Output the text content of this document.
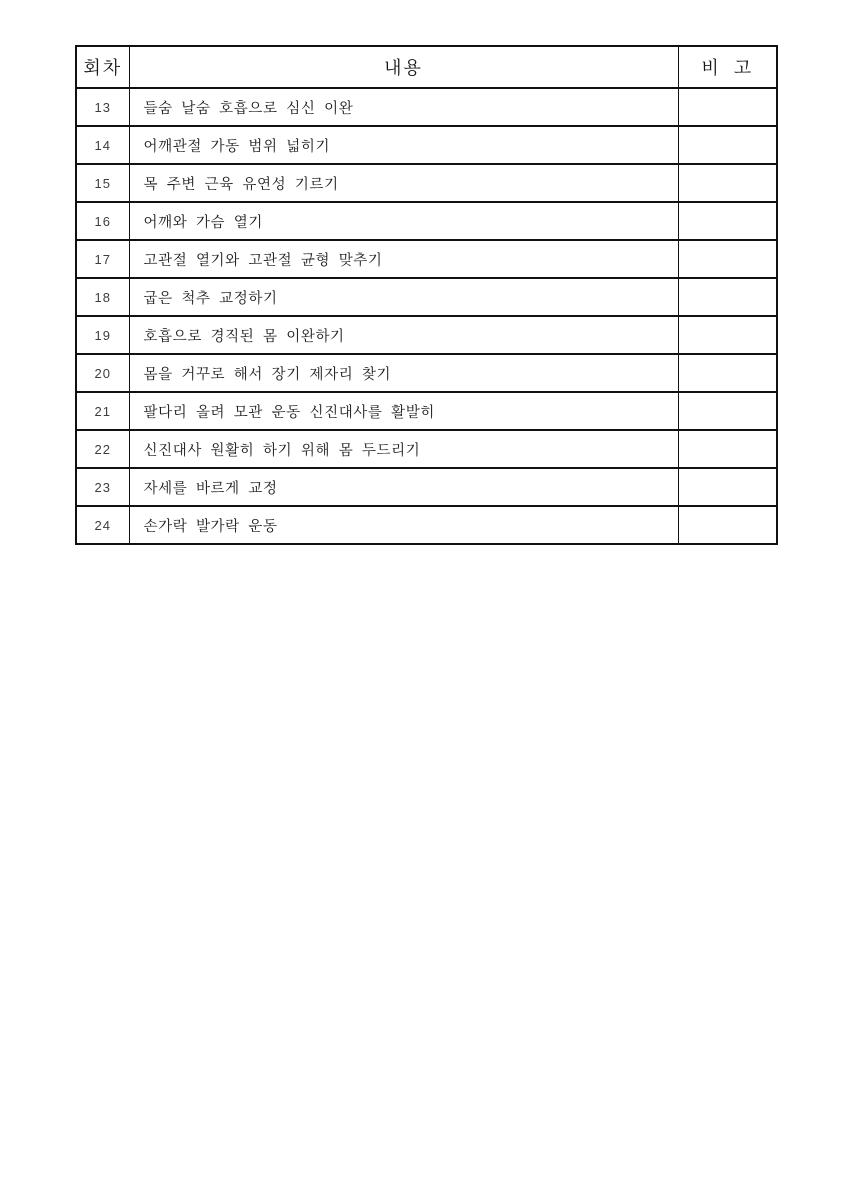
회차	내용	비 고
13	들숨 날숨 호흡으로 심신 이완	
14	어깨관절 가동 범위 넓히기	
15	목 주변 근육 유연성 기르기	
16	어깨와 가슴 열기	
17	고관절 열기와 고관절 균형 맞추기	
18	굽은 척추 교정하기	
19	호흡으로 경직된 몸 이완하기	
20	몸을 거꾸로 해서 장기 제자리 찾기	
21	팔다리 올려 모관 운동 신진대사를 활발히	
22	신진대사 원활히 하기 위해 몸 두드리기	
23	자세를 바르게 교정	
24	손가락 발가락 운동	
